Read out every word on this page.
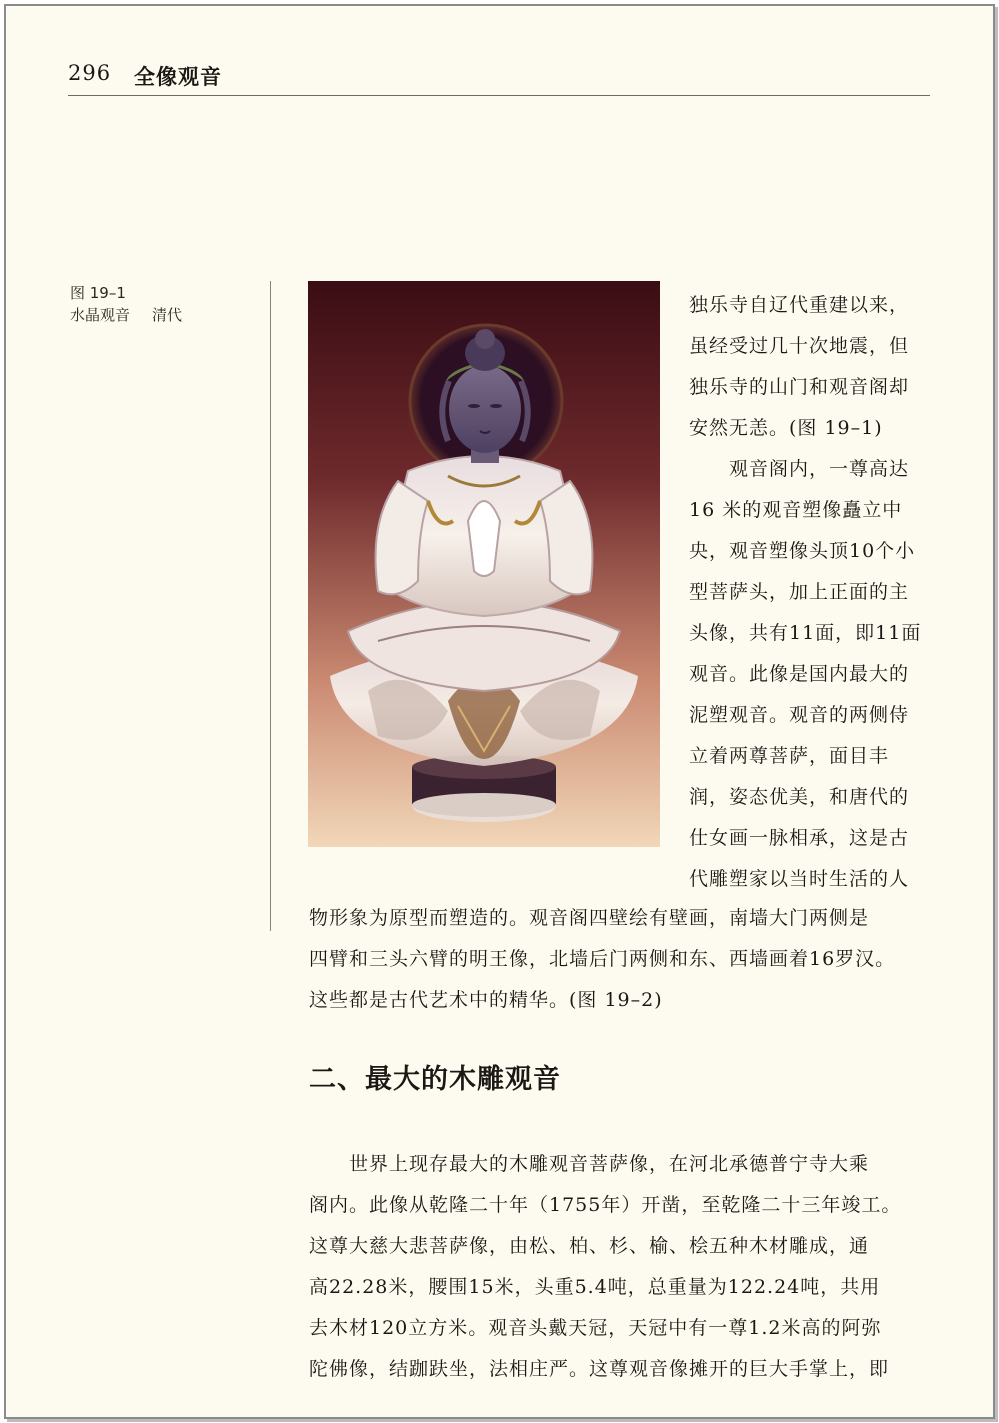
296 全像观音
图 19–1
水晶观音 清代	独乐寺自辽代重建以来，
虽经受过几十次地震，但
独乐寺的山门和观音阁却
安然无恙。(图 19–1)
　　观音阁内，一尊高达
16 米的观音塑像矗立中
央，观音塑像头顶10个小
型菩萨头，加上正面的主
头像，共有11面，即11面
观音。此像是国内最大的
泥塑观音。观音的两侧侍
立着两尊菩萨，面目丰
润，姿态优美，和唐代的
仕女画一脉相承，这是古
代雕塑家以当时生活的人
物形象为原型而塑造的。观音阁四壁绘有壁画，南墙大门两侧是
四臂和三头六臂的明王像，北墙后门两侧和东、西墙画着16罗汉。
这些都是古代艺术中的精华。(图 19–2)
二、最大的木雕观音
　　世界上现存最大的木雕观音菩萨像，在河北承德普宁寺大乘
阁内。此像从乾隆二十年（1755年）开凿，至乾隆二十三年竣工。
这尊大慈大悲菩萨像，由松、柏、杉、榆、桧五种木材雕成，通
高22.28米，腰围15米，头重5.4吨，总重量为122.24吨，共用
去木材120立方米。观音头戴天冠，天冠中有一尊1.2米高的阿弥
陀佛像，结跏趺坐，法相庄严。这尊观音像摊开的巨大手掌上，即
